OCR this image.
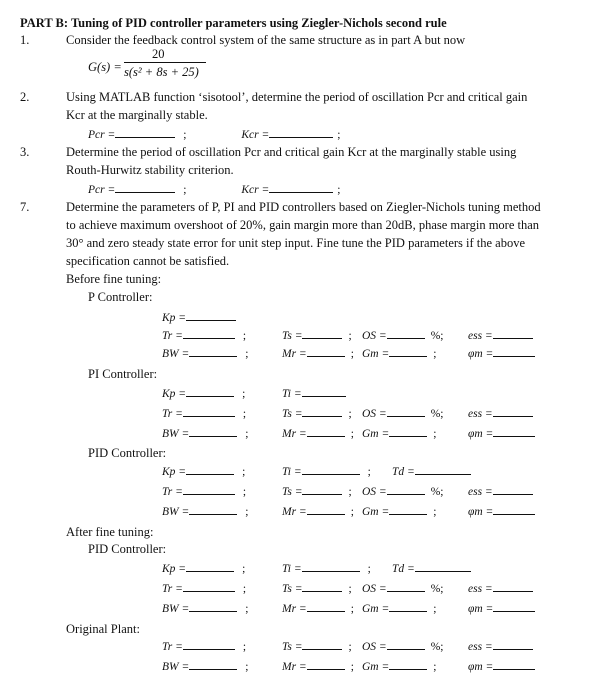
PART B: Tuning of PID controller parameters using Ziegler-Nichols second rule
1.	Consider the feedback control system of the same structure as in part A but now
G(s) =
20
s(s² + 8s + 25)
2.	Using MATLAB function ‘sisotool’, determine the period of oscillation Pcr and critical gain
Kcr at the marginally stable.
Pcr =	;	Kcr =	;
3.	Determine the period of oscillation Pcr and critical gain Kcr at the marginally stable using
Routh-Hurwitz stability criterion.
Pcr =	;	Kcr =	;
7.	Determine the parameters of P, PI and PID controllers based on Ziegler-Nichols tuning method
to achieve maximum overshoot of 20%, gain margin more than 20dB, phase margin more than
30° and zero steady state error for unit step input. Fine tune the PID parameters if the above
specification cannot be satisfied.
Before fine tuning:
P Controller:
Kp =
Tr =	;	Ts =	; OS =	%; ess =
BW =	;	Mr =	; Gm =	;	φm =
PI Controller:
Kp =	;	Ti =
Tr =	;	Ts =	; OS =	%; ess =
BW =	;	Mr =	; Gm =	;	φm =
PID Controller:
Kp =	;	Ti =	; Td =
Tr =	;	Ts =	; OS =	%; ess =
BW =	;	Mr =	; Gm =	;	φm =
After fine tuning:
PID Controller:
Kp =	;	Ti =	; Td =
Tr =	;	Ts =	; OS =	%; ess =
BW =	;	Mr =	; Gm =	;	φm =
Original Plant:
Tr =	;	Ts =	; OS =	%; ess =
BW =	;	Mr =	; Gm =	;	φm =
